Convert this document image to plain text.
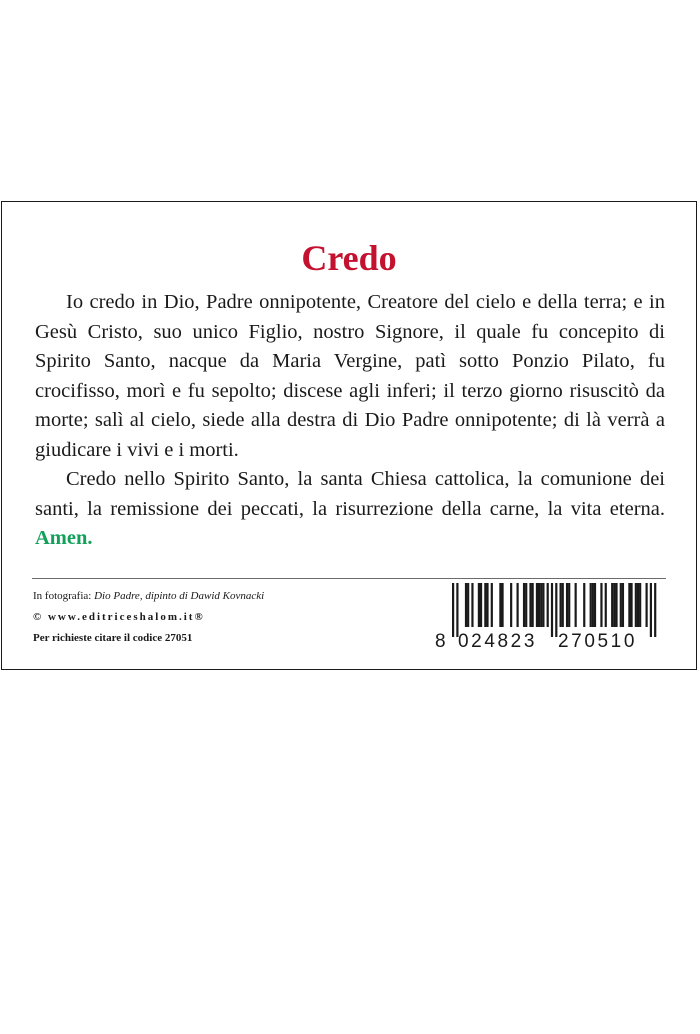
Credo

Io credo in Dio, Padre onnipotente, Creatore del cielo e della terra; e in Gesù Cristo, suo unico Figlio, nostro Signore, il quale fu concepito di Spirito Santo, nacque da Maria Vergine, patì sotto Ponzio Pilato, fu crocifisso, morì e fu sepolto; discese agli inferi; il terzo giorno risuscitò da morte; salì al cielo, siede alla destra di Dio Padre onnipotente; di là verrà a giudicare i vivi e i morti.

Credo nello Spirito Santo, la santa Chiesa cattolica, la comunione dei santi, la remissione dei peccati, la risurrezione della carne, la vita eterna. Amen.

In fotografia: Dio Padre, dipinto di Dawid Kovnacki
© www.editriceshalom.it®
Per richieste citare il codice 27051	8 024823 270510
